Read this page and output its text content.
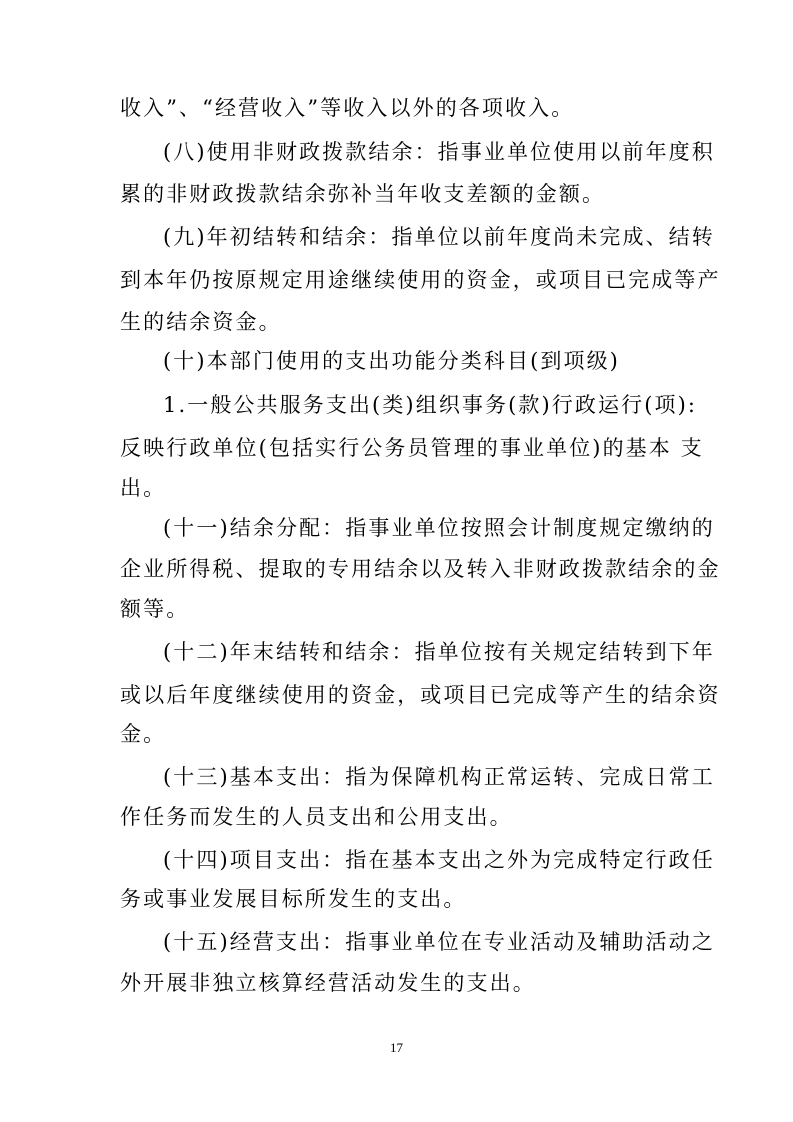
收入”、“经营收入”等收入以外的各项收入。
(八)使用非财政拨款结余：指事业单位使用以前年度积
累的非财政拨款结余弥补当年收支差额的金额。
(九)年初结转和结余：指单位以前年度尚未完成、结转
到本年仍按原规定用途继续使用的资金，或项目已完成等产
生的结余资金。
(十)本部门使用的支出功能分类科目(到项级)
1.一般公共服务支出(类)组织事务(款)行政运行(项):
反映行政单位(包括实行公务员管理的事业单位)的基本 支
出。
(十一)结余分配：指事业单位按照会计制度规定缴纳的
企业所得税、提取的专用结余以及转入非财政拨款结余的金
额等。
(十二)年末结转和结余：指单位按有关规定结转到下年
或以后年度继续使用的资金，或项目已完成等产生的结余资
金。
(十三)基本支出：指为保障机构正常运转、完成日常工
作任务而发生的人员支出和公用支出。
(十四)项目支出：指在基本支出之外为完成特定行政任
务或事业发展目标所发生的支出。
(十五)经营支出：指事业单位在专业活动及辅助活动之
外开展非独立核算经营活动发生的支出。
17
